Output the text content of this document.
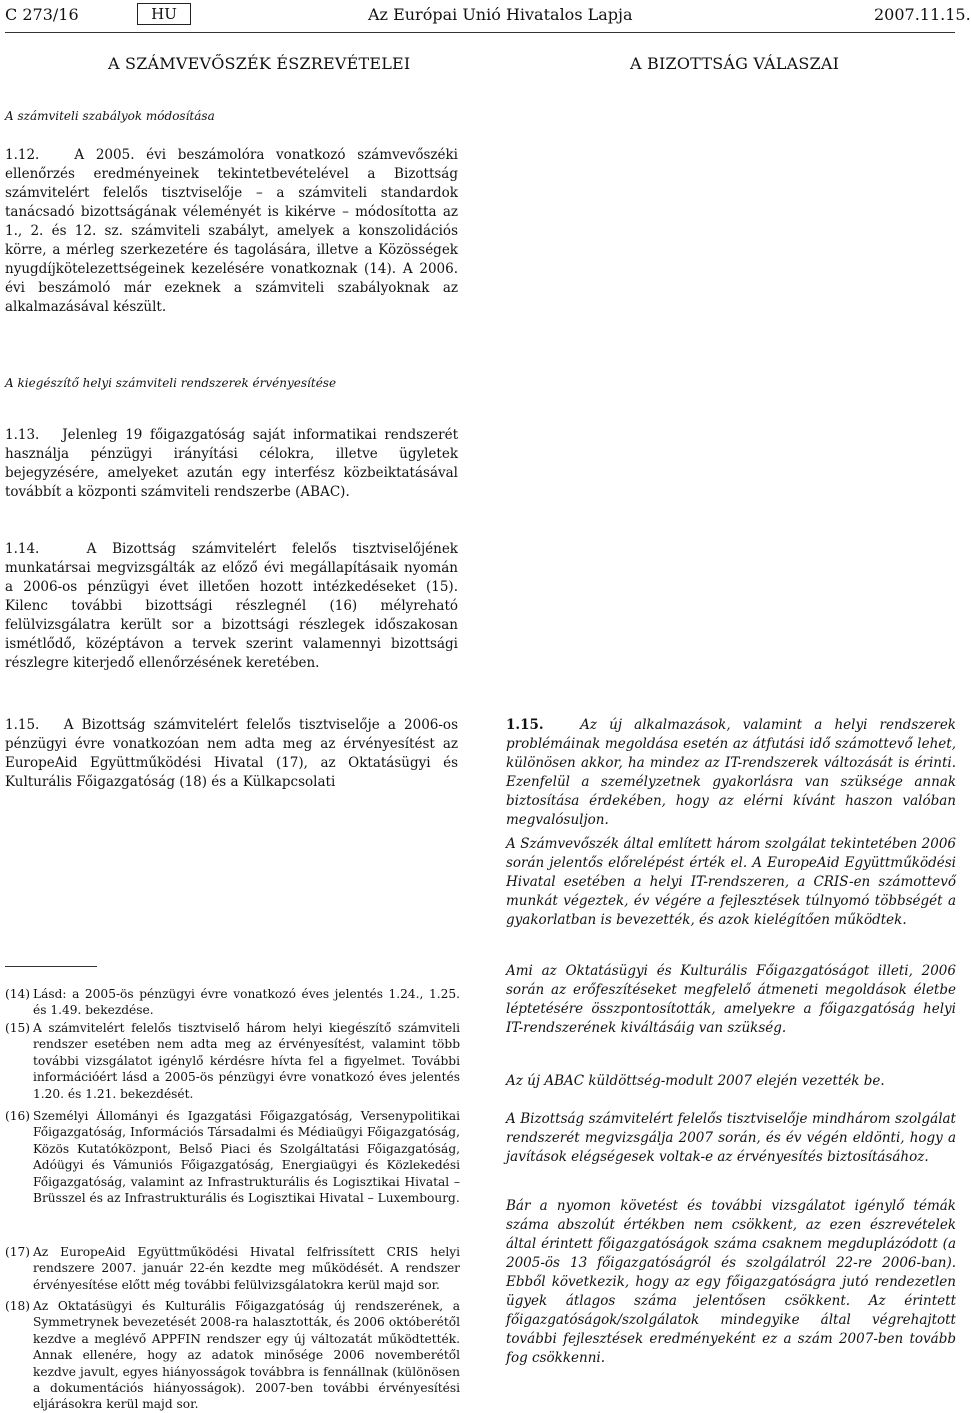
C 273/16	HU	Az Európai Unió Hivatalos Lapja	2007.11.15.
A SZÁMVEVŐSZÉK ÉSZREVÉTELEI	A BIZOTTSÁG VÁLASZAI
A számviteli szabályok módosítása
1.12.	A 2005. évi beszámolóra vonatkozó számvevőszéki ellenőrzés eredményeinek tekintetbevételével a Bizottság számvitelért felelős tisztviselője – a számviteli standardok tanácsadó bizottságának véleményét is kikérve – módosította az 1., 2. és 12. sz. számviteli szabályt, amelyek a konszolidációs körre, a mérleg szerkezetére és tagolására, illetve a Közösségek nyugdíjkötelezettségeinek kezelésére vonatkoznak (14). A 2006. évi beszámoló már ezeknek a számviteli szabályoknak az alkalmazásával készült.
A kiegészítő helyi számviteli rendszerek érvényesítése
1.13. Jelenleg 19 főigazgatóság saját informatikai rendszerét használja pénzügyi irányítási célokra, illetve ügyletek bejegyzésére, amelyeket azután egy interfész közbeiktatásával továbbít a központi számviteli rendszerbe (ABAC).
1.14.	A Bizottság számvitelért felelős tisztviselőjének munkatársai megvizsgálták az előző évi megállapításaik nyomán a 2006-os pénzügyi évet illetően hozott intézkedéseket (15). Kilenc további bizottsági részlegnél (16) mélyreható felülvizsgálatra került sor a bizottsági részlegek időszakosan ismétlődő, középtávon a tervek szerint valamennyi bizottsági részlegre kiterjedő ellenőrzésének keretében.
1.15. A Bizottság számvitelért felelős tisztviselője a 2006-os pénzügyi évre vonatkozóan nem adta meg az érvényesítést az EuropeAid Együttműködési Hivatal (17), az Oktatásügyi és Kulturális Főigazgatóság (18) és a Külkapcsolati
1.15.	Az új alkalmazások, valamint a helyi rendszerek problémáinak megoldása esetén az átfutási idő számottevő lehet, különösen akkor, ha mindez az IT-rendszerek változását is érinti. Ezenfelül a személyzetnek gyakorlásra van szüksége annak biztosítása érdekében, hogy az elérni kívánt haszon valóban megvalósuljon.
A Számvevőszék által említett három szolgálat tekintetében 2006 során jelentős előrelépést érték el. A EuropeAid Együttműködési Hivatal esetében a helyi IT-rendszeren, a CRIS-en számottevő munkát végeztek, év végére a fejlesztések túlnyomó többségét a gyakorlatban is bevezették, és azok kielégítően működtek.
Ami az Oktatásügyi és Kulturális Főigazgatóságot illeti, 2006 során az erőfeszítéseket megfelelő átmeneti megoldások életbe léptetésére összpontosították, amelyekre a főigazgatóság helyi IT-rendszerének kiváltásáig van szükség.
Az új ABAC küldöttség-modult 2007 elején vezették be.
A Bizottság számvitelért felelős tisztviselője mindhárom szolgálat rendszerét megvizsgálja 2007 során, és év végén eldönti, hogy a javítások elégségesek voltak-e az érvényesítés biztosításához.
Bár a nyomon követést és további vizsgálatot igénylő témák száma abszolút értékben nem csökkent, az ezen észrevételek által érintett főigazgatóságok száma csaknem megduplázódott (a 2005-ös 13 főigazgatóságról és szolgálatról 22-re 2006-ban). Ebből következik, hogy az egy főigazgatóságra jutó rendezetlen ügyek átlagos száma jelentősen csökkent. Az érintett főigazgatóságok/szolgálatok mindegyike által végrehajtott további fejlesztések eredményeként ez a szám 2007-ben tovább fog csökkenni.
(14) Lásd: a 2005-ös pénzügyi évre vonatkozó éves jelentés 1.24., 1.25. és 1.49. bekezdése.
(15) A számvitelért felelős tisztviselő három helyi kiegészítő számviteli rendszer esetében nem adta meg az érvényesítést, valamint több további vizsgálatot igénylő kérdésre hívta fel a figyelmet. További információért lásd a 2005-ös pénzügyi évre vonatkozó éves jelentés 1.20. és 1.21. bekezdését.
(16) Személyi Állományi és Igazgatási Főigazgatóság, Versenypolitikai Főigazgatóság, Információs Társadalmi és Médiaügyi Főigazgatóság, Közös Kutatóközpont, Belső Piaci és Szolgáltatási Főigazgatóság, Adóügyi és Vámuniós Főigazgatóság, Energiaügyi és Közlekedési Főigazgatóság, valamint az Infrastrukturális és Logisztikai Hivatal – Brüsszel és az Infrastrukturális és Logisztikai Hivatal – Luxembourg.
(17) Az EuropeAid Együttműködési Hivatal felfrissített CRIS helyi rendszere 2007. január 22-én kezdte meg működését. A rendszer érvényesítése előtt még további felülvizsgálatokra kerül majd sor.
(18) Az Oktatásügyi és Kulturális Főigazgatóság új rendszerének, a Symmetrynek bevezetését 2008-ra halasztották, és 2006 októberétől kezdve a meglévő APPFIN rendszer egy új változatát működtették. Annak ellenére, hogy az adatok minősége 2006 novemberétől kezdve javult, egyes hiányosságok továbbra is fennállnak (különösen a dokumentációs hiányosságok). 2007-ben további érvényesítési eljárásokra kerül majd sor.
